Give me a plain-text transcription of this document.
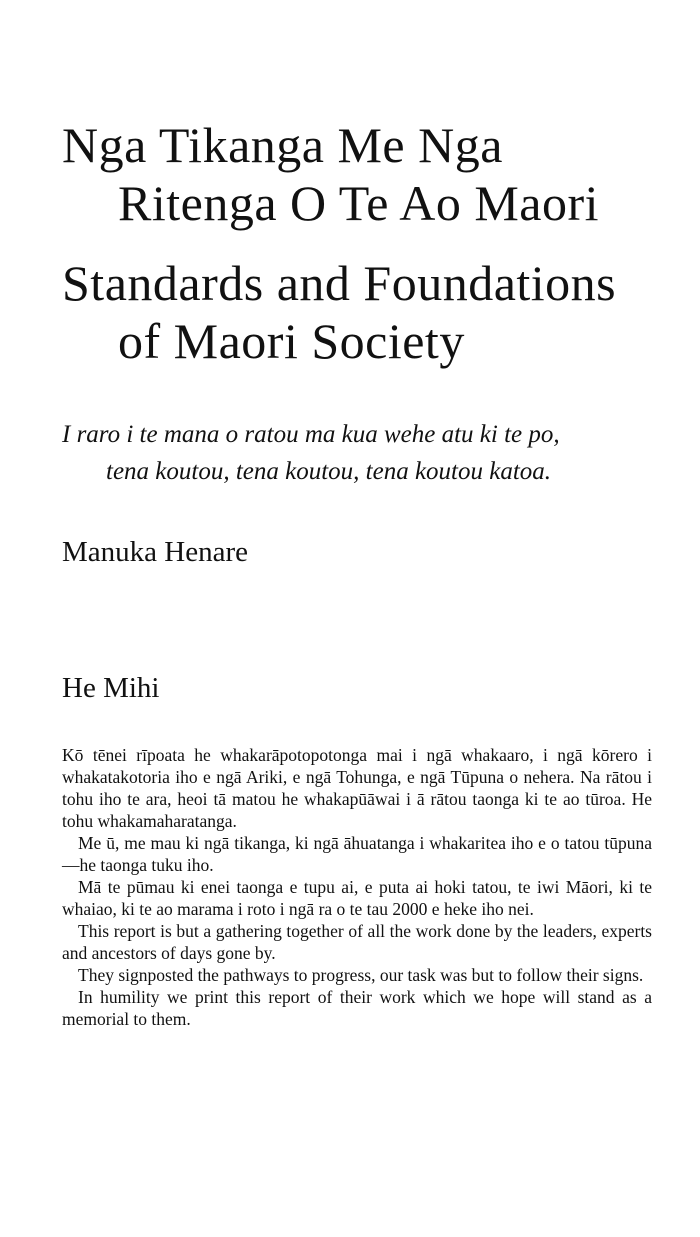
Nga Tikanga Me Nga
Ritenga O Te Ao Maori
Standards and Foundations
of Maori Society
I raro i te mana o ratou ma kua wehe atu ki te po,
tena koutou, tena koutou, tena koutou katoa.
Manuka Henare
He Mihi

Kō tēnei rīpoata he whakarāpotopotonga mai i ngā whakaaro, i ngā kōrero i whakatakotoria iho e ngā Ariki, e ngā Tohunga, e ngā Tūpuna o nehera. Na rātou i tohu iho te ara, heoi tā matou he whakapūāwai i ā rātou taonga ki te ao tūroa. He tohu whakamaharatanga.

Me ū, me mau ki ngā tikanga, ki ngā āhuatanga i whakaritea iho e o tatou tūpuna—he taonga tuku iho.

Mā te pūmau ki enei taonga e tupu ai, e puta ai hoki tatou, te iwi Māori, ki te whaiao, ki te ao marama i roto i ngā ra o te tau 2000 e heke iho nei.

This report is but a gathering together of all the work done by the leaders, experts and ancestors of days gone by.

They signposted the pathways to progress, our task was but to follow their signs.

In humility we print this report of their work which we hope will stand as a memorial to them.
